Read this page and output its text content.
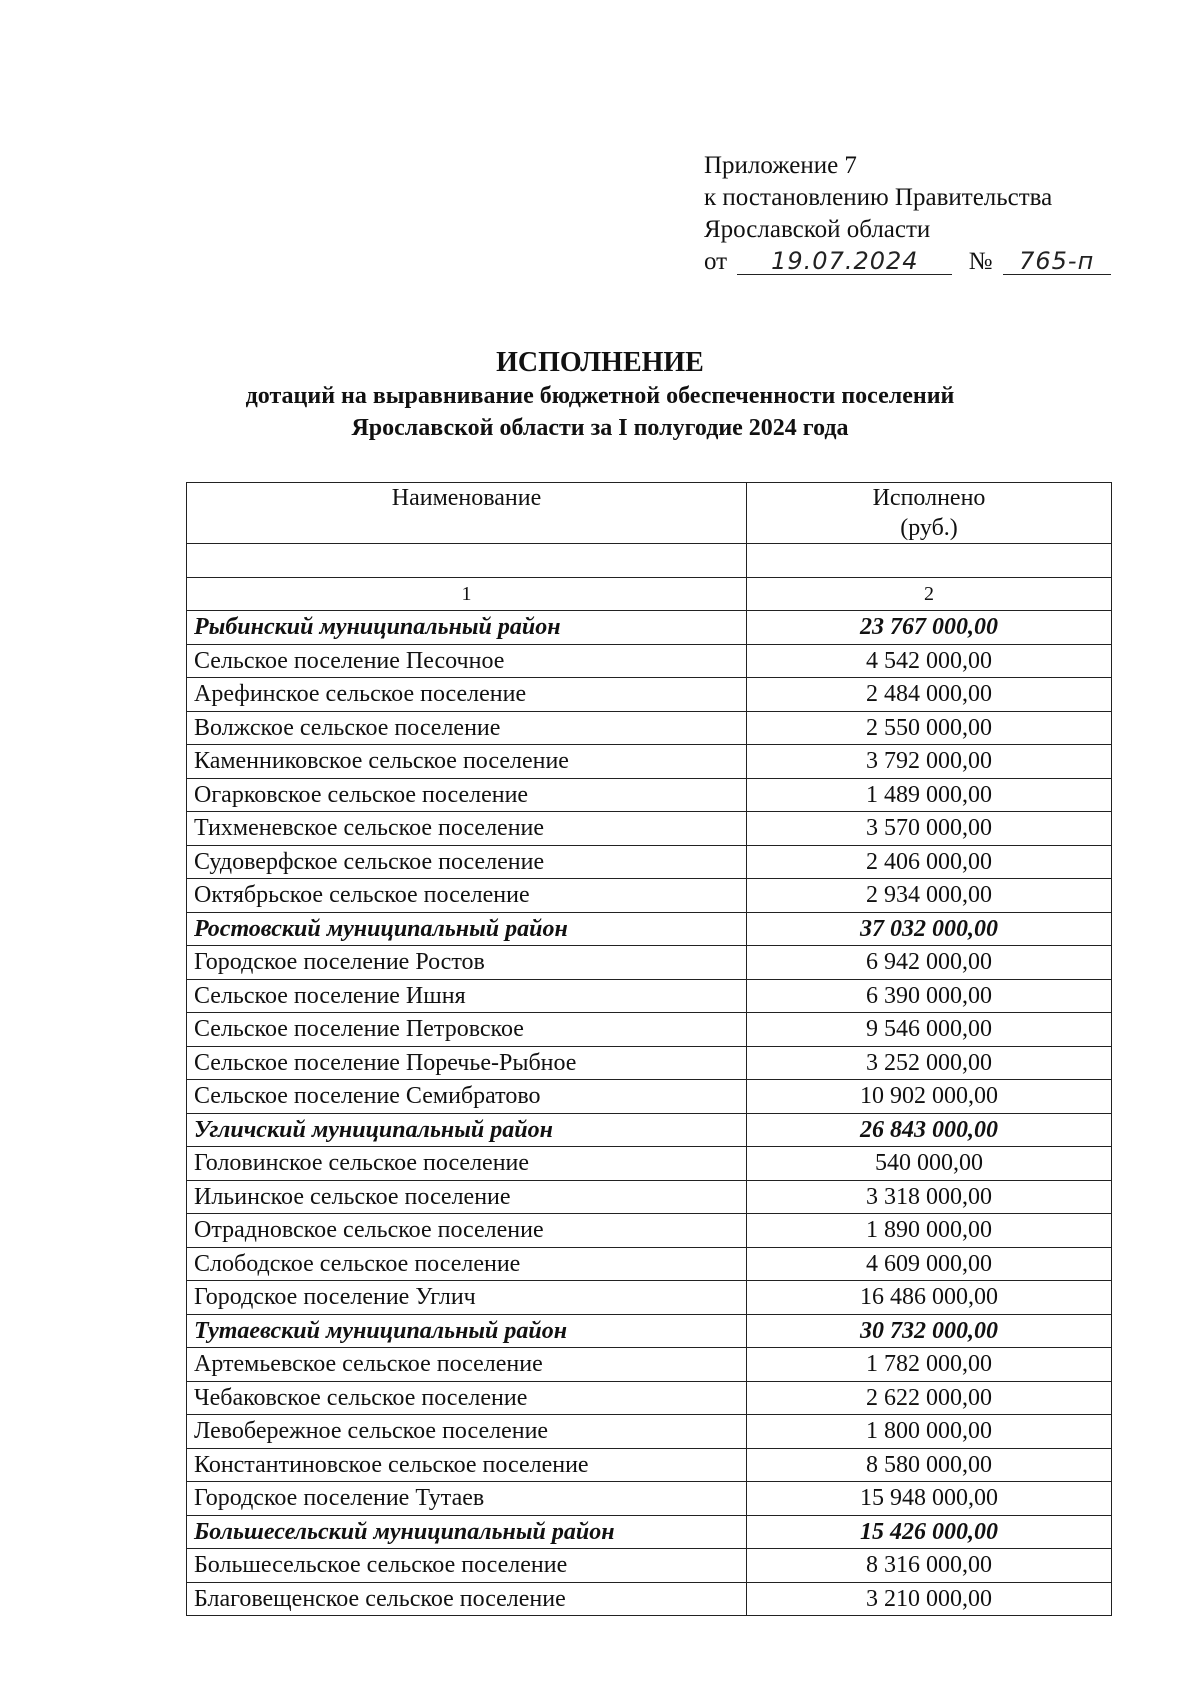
Приложение 7
к постановлению Правительства
Ярославской области
от 19.07.2024 № 765-п
ИСПОЛНЕНИЕ
дотаций на выравнивание бюджетной обеспеченности поселений
Ярославской области за I полугодие 2024 года
Наименование	Исполнено
(руб.)

1	2
Рыбинский муниципальный район	23 767 000,00
Сельское поселение Песочное	4 542 000,00
Арефинское сельское поселение	2 484 000,00
Волжское сельское поселение	2 550 000,00
Каменниковское сельское поселение	3 792 000,00
Огарковское сельское поселение	1 489 000,00
Тихменевское сельское поселение	3 570 000,00
Судоверфское сельское поселение	2 406 000,00
Октябрьское сельское поселение	2 934 000,00
Ростовский муниципальный район	37 032 000,00
Городское поселение Ростов	6 942 000,00
Сельское поселение Ишня	6 390 000,00
Сельское поселение Петровское	9 546 000,00
Сельское поселение Поречье-Рыбное	3 252 000,00
Сельское поселение Семибратово	10 902 000,00
Угличский муниципальный район	26 843 000,00
Головинское сельское поселение	540 000,00
Ильинское сельское поселение	3 318 000,00
Отрадновское сельское поселение	1 890 000,00
Слободское сельское поселение	4 609 000,00
Городское поселение Углич	16 486 000,00
Тутаевский муниципальный район	30 732 000,00
Артемьевское сельское поселение	1 782 000,00
Чебаковское сельское поселение	2 622 000,00
Левобережное сельское поселение	1 800 000,00
Константиновское сельское поселение	8 580 000,00
Городское поселение Тутаев	15 948 000,00
Большесельский муниципальный район	15 426 000,00
Большесельское сельское поселение	8 316 000,00
Благовещенское сельское поселение	3 210 000,00
